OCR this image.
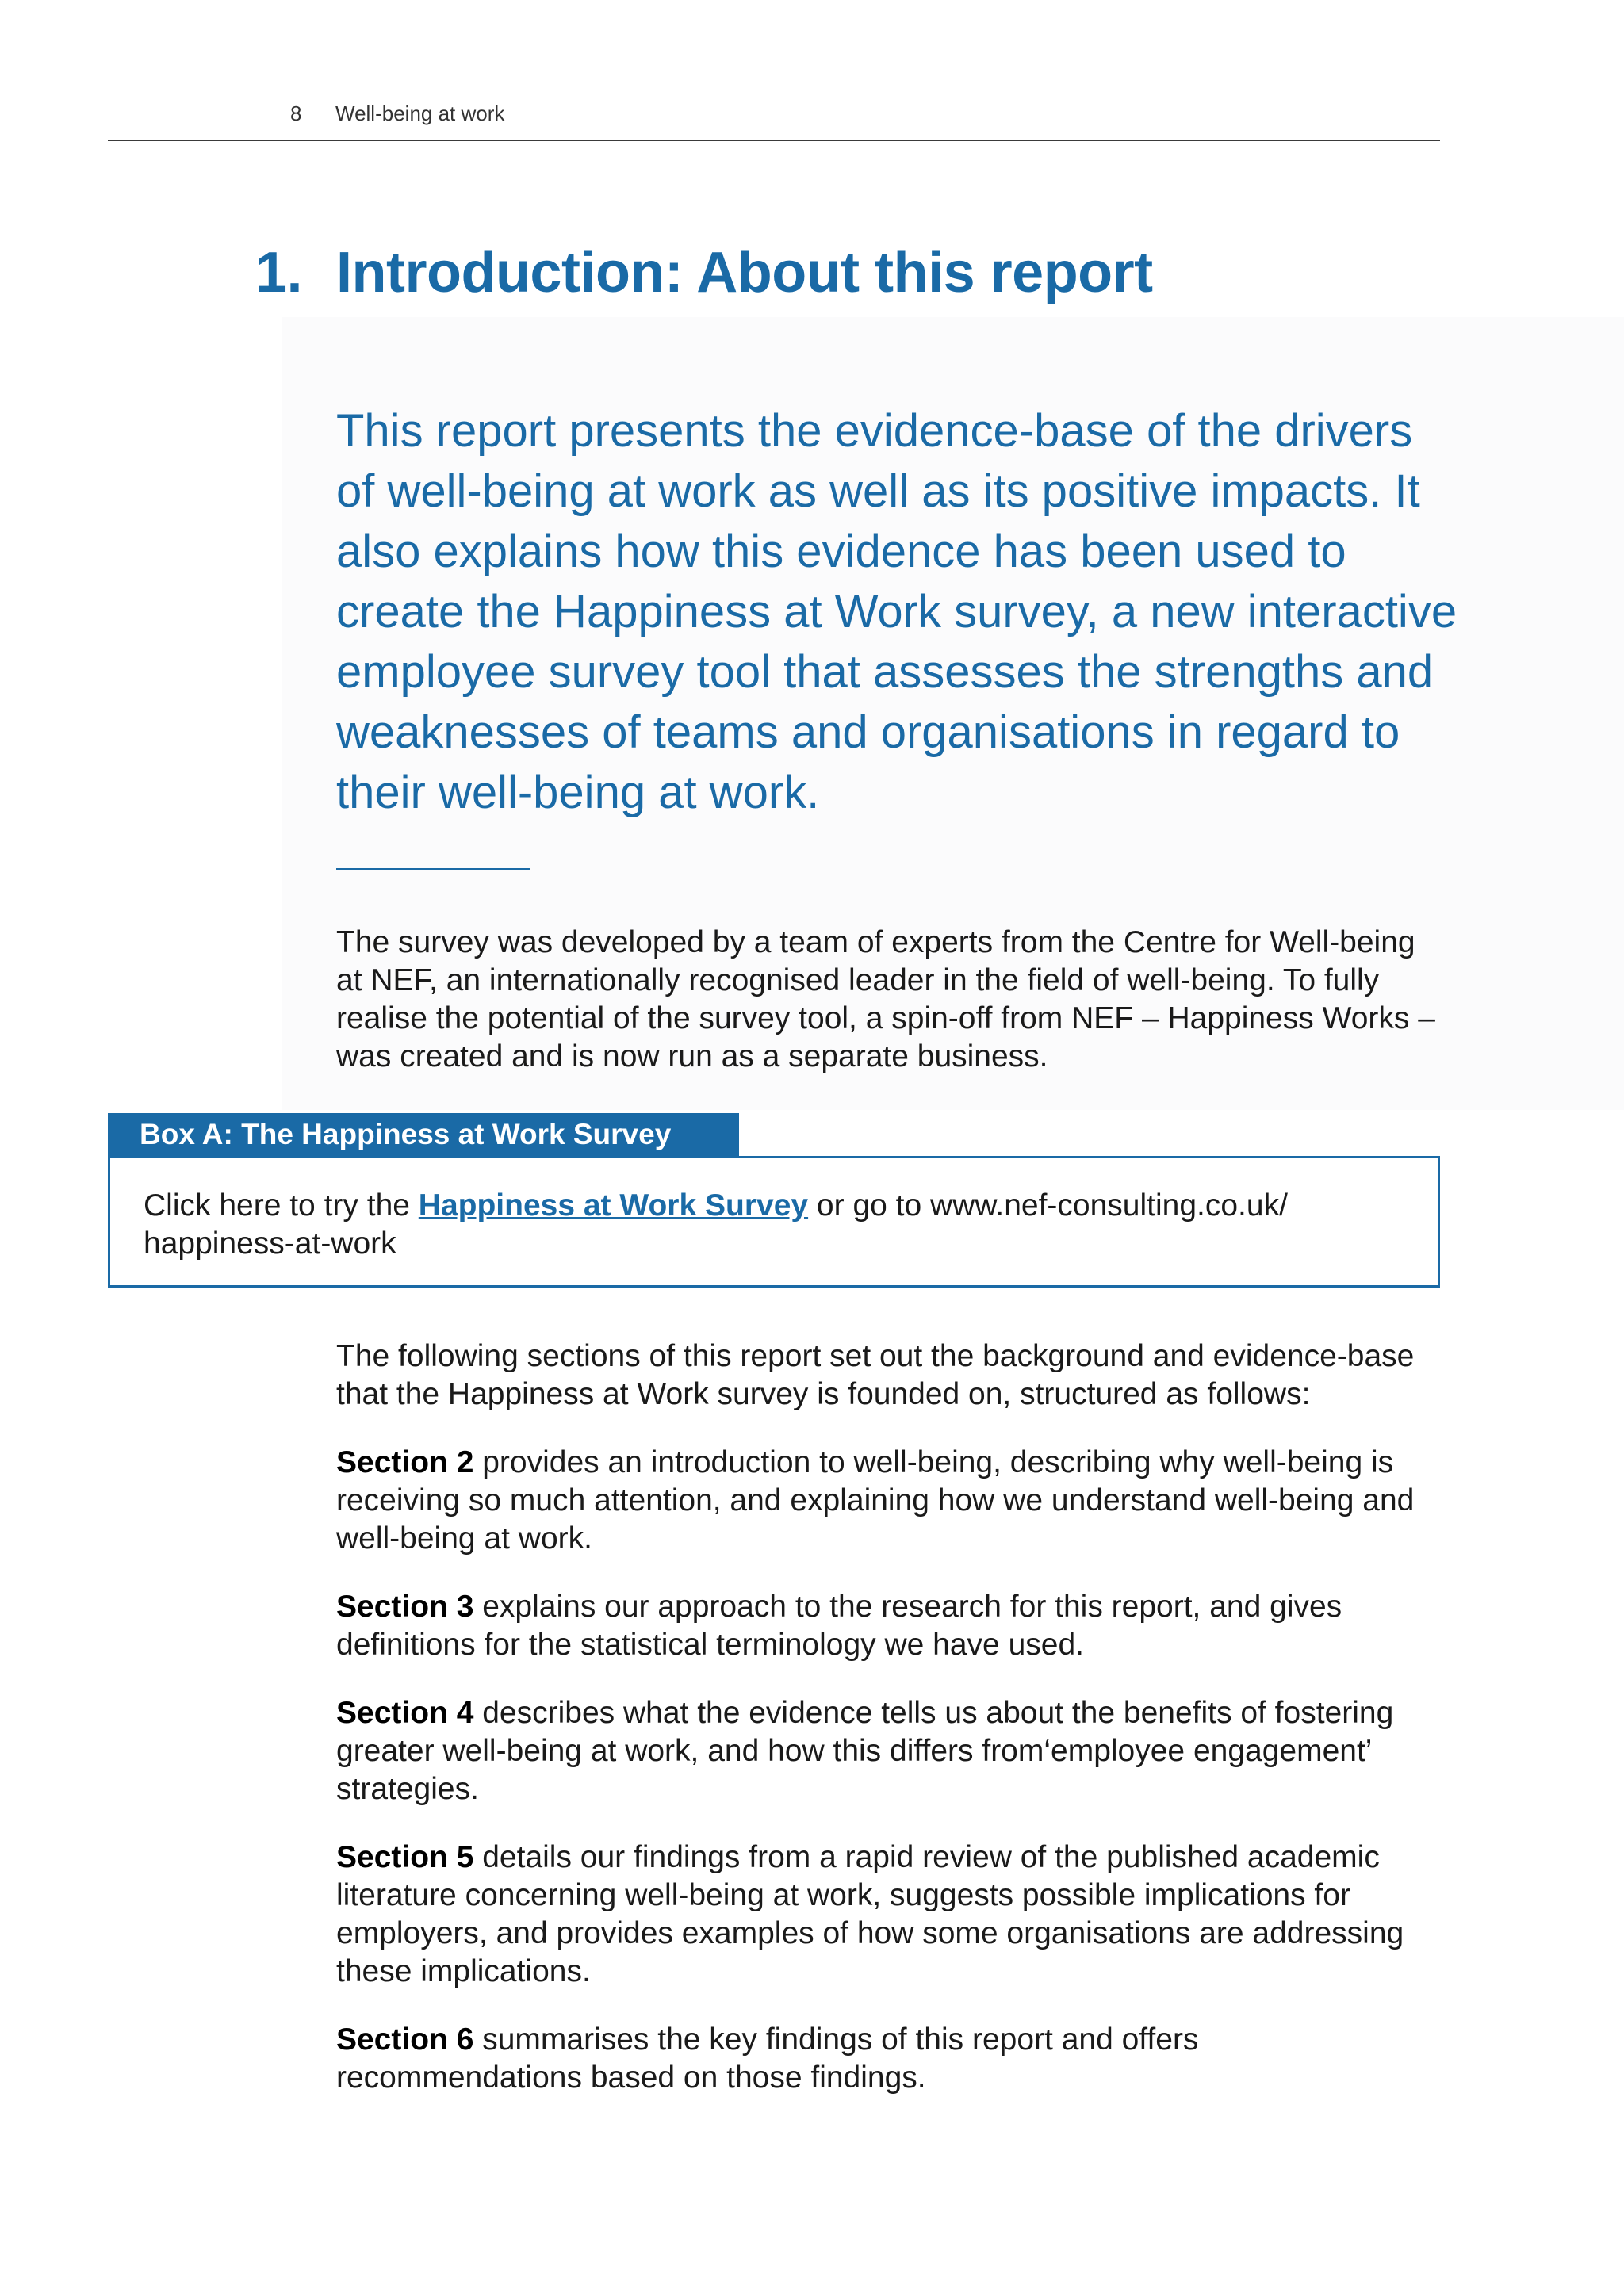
8 Well-being at work
1. Introduction: About this report

This report presents the evidence-base of the drivers of well-being at work as well as its positive impacts. It also explains how this evidence has been used to create the Happiness at Work survey, a new interactive employee survey tool that assesses the strengths and weaknesses of teams and organisations in regard to their well-being at work.

The survey was developed by a team of experts from the Centre for Well-being at NEF, an internationally recognised leader in the field of well-being. To fully realise the potential of the survey tool, a spin-off from NEF – Happiness Works – was created and is now run as a separate business.

Box A: The Happiness at Work Survey
Click here to try the Happiness at Work Survey or go to www.nef-consulting.co.uk/ happiness-at-work

The following sections of this report set out the background and evidence-base that the Happiness at Work survey is founded on, structured as follows:

Section 2 provides an introduction to well-being, describing why well-being is receiving so much attention, and explaining how we understand well-being and well-being at work.

Section 3 explains our approach to the research for this report, and gives definitions for the statistical terminology we have used.

Section 4 describes what the evidence tells us about the benefits of fostering greater well-being at work, and how this differs from‘employee engagement’ strategies.

Section 5 details our findings from a rapid review of the published academic literature concerning well-being at work, suggests possible implications for employers, and provides examples of how some organisations are addressing these implications.

Section 6 summarises the key findings of this report and offers recommendations based on those findings.
